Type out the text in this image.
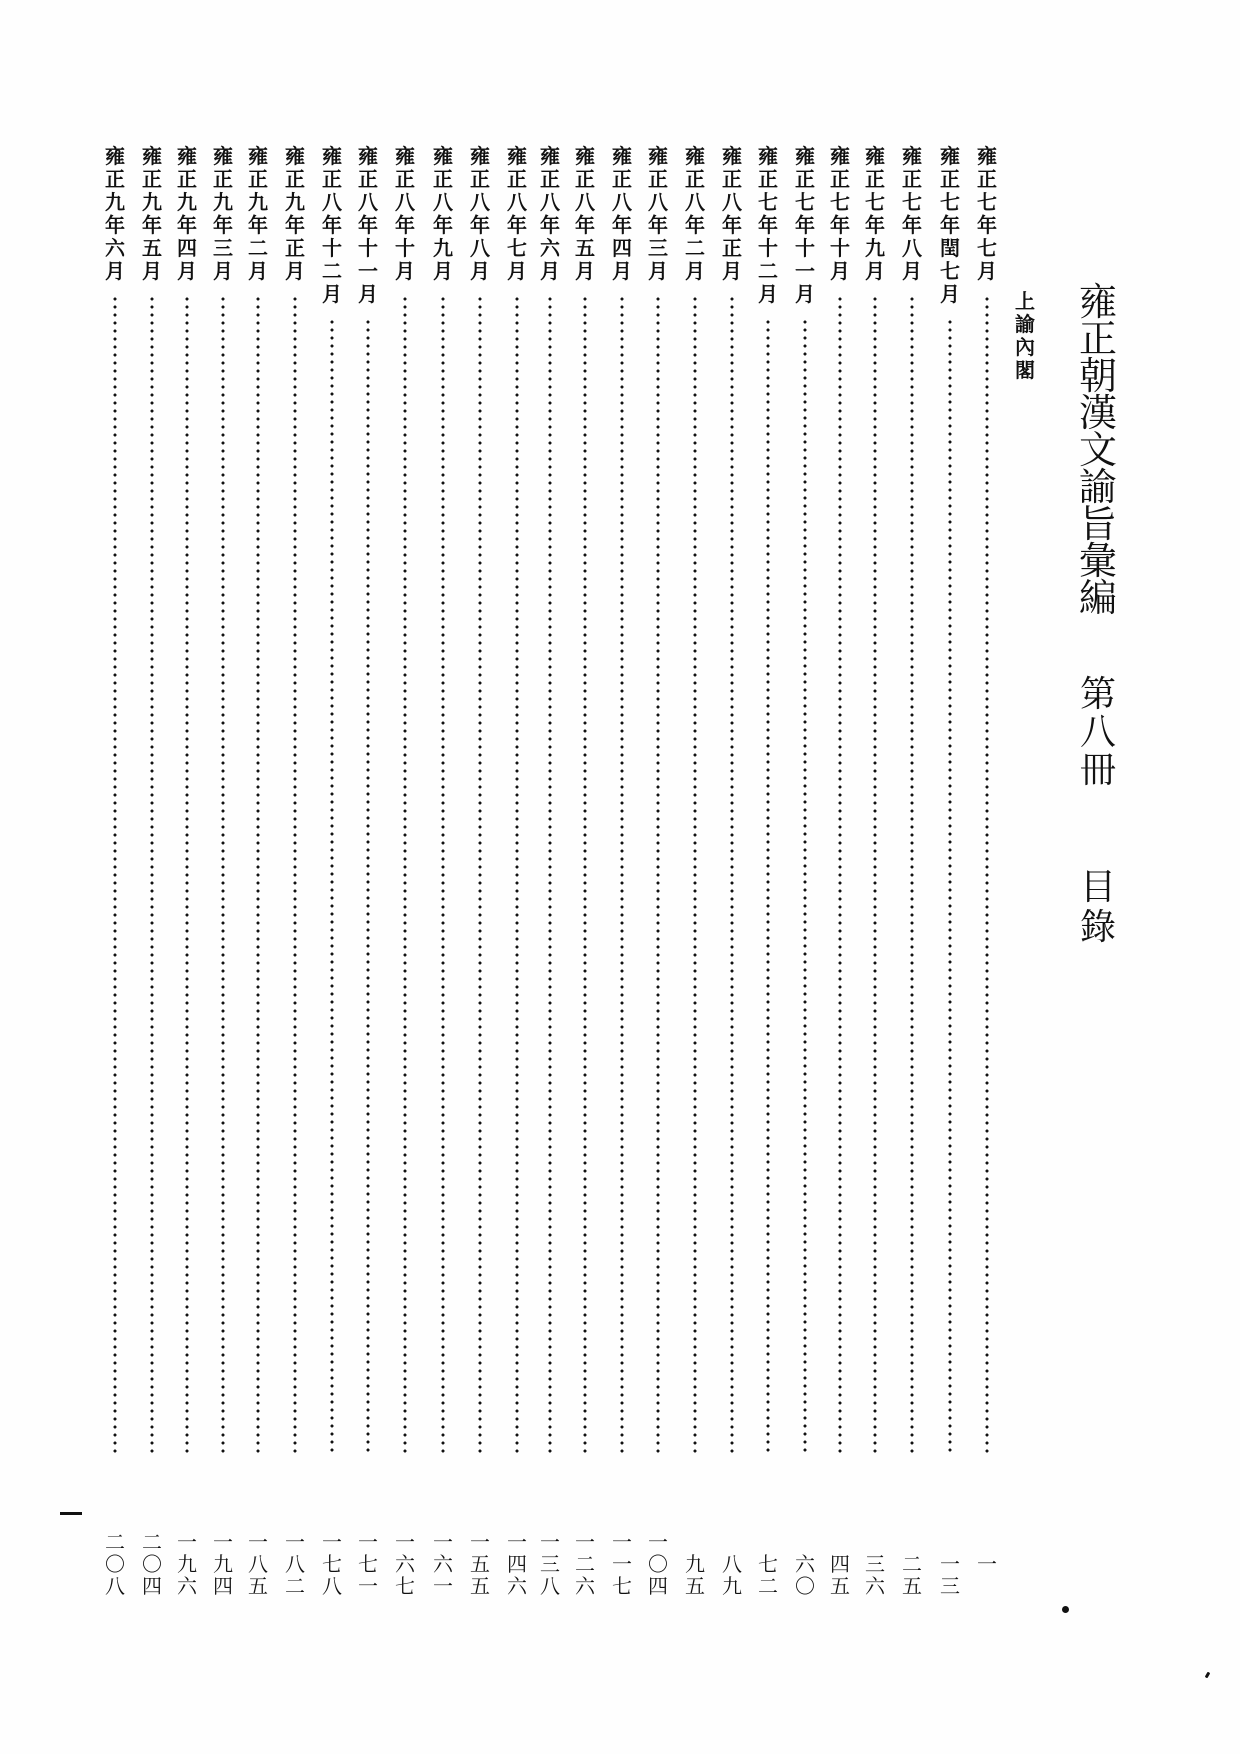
雍
正
朝
漢
文
諭
旨
彙
編
第
八
冊
目
錄
上
諭
內
閣
雍
正
七
年
七
月
一
雍
正
七
年
閏
七
月
一
三
雍
正
七
年
八
月
二
五
雍
正
七
年
九
月
三
六
雍
正
七
年
十
月
四
五
雍
正
七
年
十
一
月
六
〇
雍
正
七
年
十
二
月
七
二
雍
正
八
年
正
月
八
九
雍
正
八
年
二
月
九
五
雍
正
八
年
三
月
一
〇
四
雍
正
八
年
四
月
一
一
七
雍
正
八
年
五
月
一
二
六
雍
正
八
年
六
月
一
三
八
雍
正
八
年
七
月
一
四
六
雍
正
八
年
八
月
一
五
五
雍
正
八
年
九
月
一
六
一
雍
正
八
年
十
月
一
六
七
雍
正
八
年
十
一
月
一
七
一
雍
正
八
年
十
二
月
一
七
八
雍
正
九
年
正
月
一
八
二
雍
正
九
年
二
月
一
八
五
雍
正
九
年
三
月
一
九
四
雍
正
九
年
四
月
一
九
六
雍
正
九
年
五
月
二
〇
四
雍
正
九
年
六
月
二
〇
八
